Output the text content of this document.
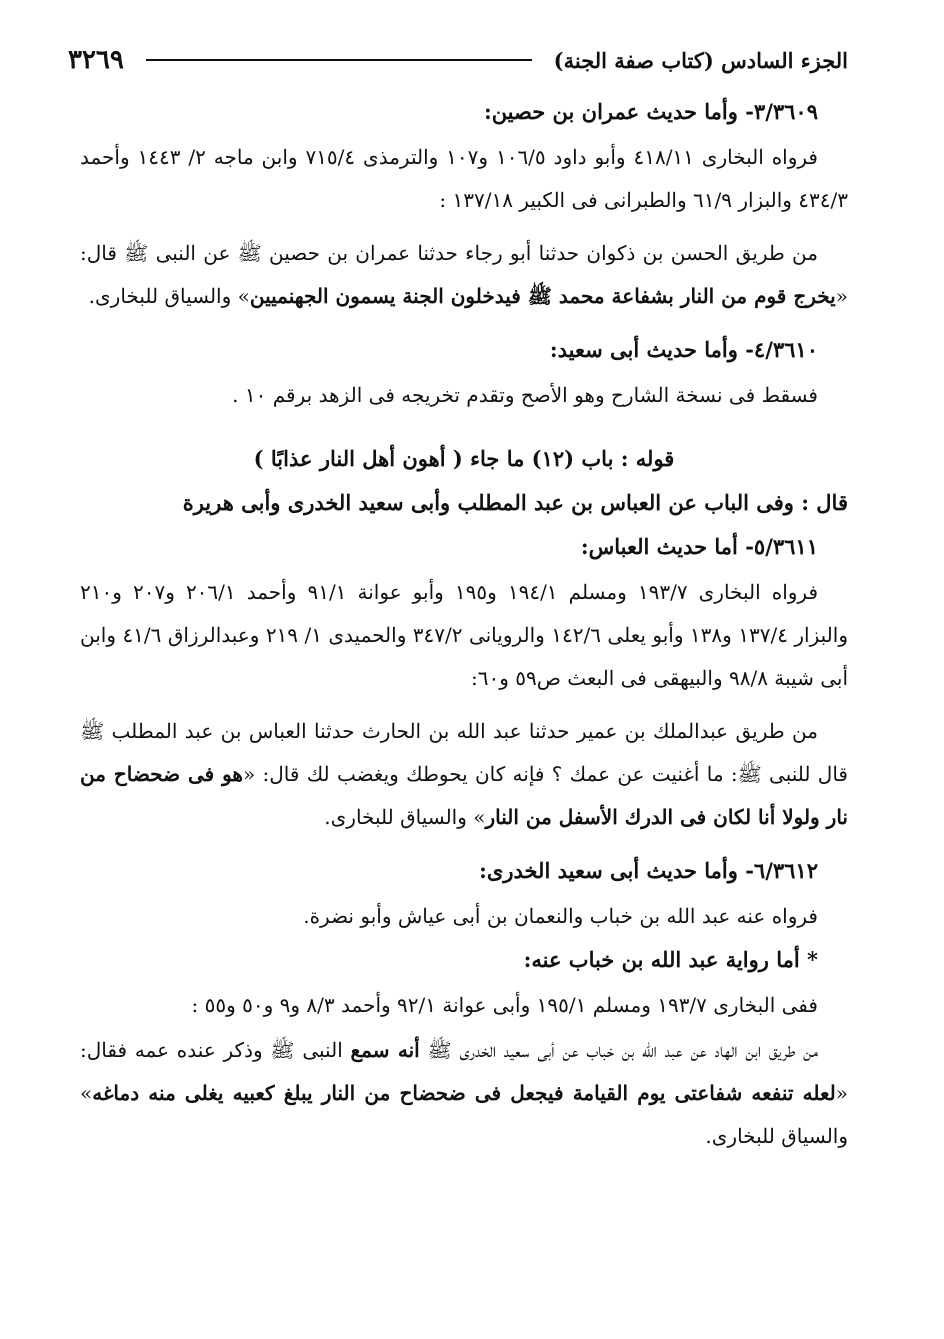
الجزء السادس (كتاب صفة الجنة)
٣٢٦٩
٣/٣٦٠٩- وأما حديث عمران بن حصين:

فرواه البخارى ٤١٨/١١ وأبو داود ١٠٦/٥ و١٠٧ والترمذى ٧١٥/٤ وابن ماجه ٢/ ١٤٤٣ وأحمد ٤٣٤/٣ والبزار ٦١/٩ والطبرانى فى الكبير ١٣٧/١٨ :

من طريق الحسن بن ذكوان حدثنا أبو رجاء حدثنا عمران بن حصين ﷺ عن النبى ﷺ قال: «يخرج قوم من النار بشفاعة محمد ﷺ فيدخلون الجنة يسمون الجهنميين» والسياق للبخارى.

٤/٣٦١٠- وأما حديث أبى سعيد:

فسقط فى نسخة الشارح وهو الأصح وتقدم تخريجه فى الزهد برقم ١٠ .

قوله : باب (١٢) ما جاء ( أهون أهل النار عذابًا )
قال : وفى الباب عن العباس بن عبد المطلب وأبى سعيد الخدرى وأبى هريرة
٥/٣٦١١- أما حديث العباس:

فرواه البخارى ١٩٣/٧ ومسلم ١٩٤/١ و١٩٥ وأبو عوانة ٩١/١ وأحمد ٢٠٦/١ و٢٠٧ و٢١٠ والبزار ١٣٧/٤ و١٣٨ وأبو يعلى ١٤٢/٦ والرويانى ٣٤٧/٢ والحميدى ١/ ٢١٩ وعبدالرزاق ٤١/٦ وابن أبى شيبة ٩٨/٨ والبيهقى فى البعث ص٥٩ و٦٠:

من طريق عبدالملك بن عمير حدثنا عبد الله بن الحارث حدثنا العباس بن عبد المطلب ﷺ قال للنبى ﷺ: ما أغنيت عن عمك ؟ فإنه كان يحوطك ويغضب لك قال: «هو فى ضحضاح من نار ولولا أنا لكان فى الدرك الأسفل من النار» والسياق للبخارى.

٦/٣٦١٢- وأما حديث أبى سعيد الخدرى:

فرواه عنه عبد الله بن خباب والنعمان بن أبى عياش وأبو نضرة.

* أما رواية عبد الله بن خباب عنه:

ففى البخارى ١٩٣/٧ ومسلم ١٩٥/١ وأبى عوانة ٩٢/١ وأحمد ٨/٣ و٩ و٥٠ و٥٥ :

من طريق ابن الهاد عن عبد الله بن خباب عن أبى سعيد الخدرى ﷺ أنه سمع النبى ﷺ وذكر عنده عمه فقال: «لعله تنفعه شفاعتى يوم القيامة فيجعل فى ضحضاح من النار يبلغ كعبيه يغلى منه دماغه» والسياق للبخارى.
